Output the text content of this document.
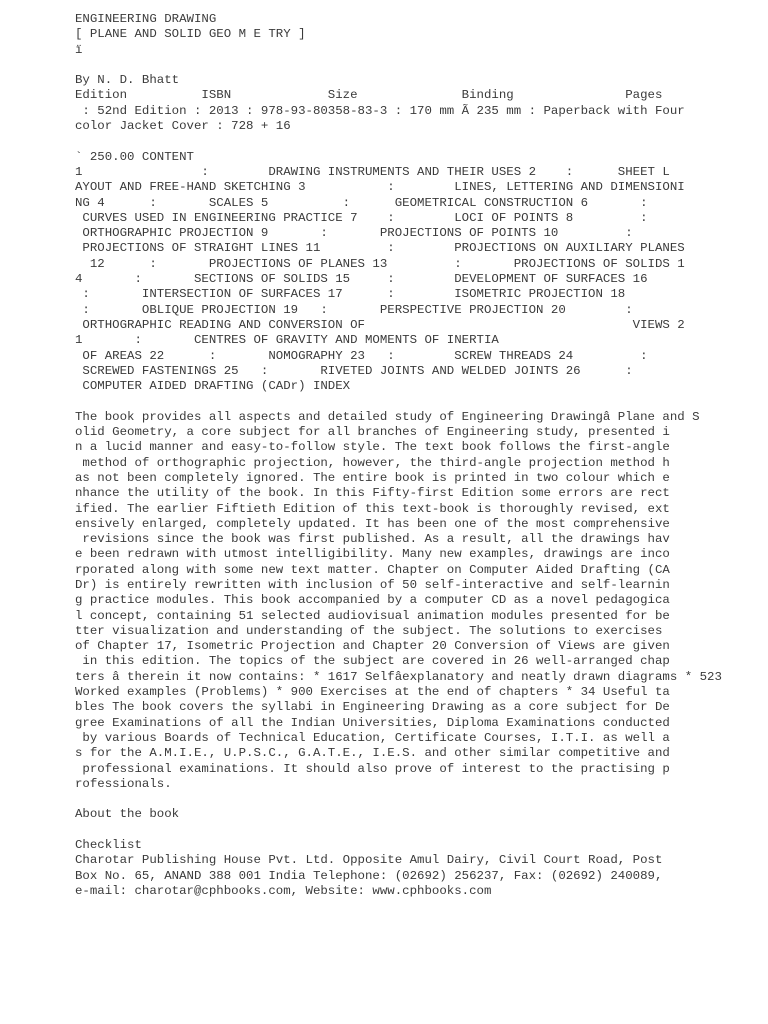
ENGINEERING DRAWING
[ PLANE AND SOLID GEO M E TRY ]
ï
By N. D. Bhatt
Edition          ISBN             Size              Binding               Pages
: 52nd Edition : 2013 : 978-93-80358-83-3 : 170 mm Ã 235 mm : Paperback with Four
color Jacket Cover : 728 + 16
` 250.00 CONTENT
1                :        DRAWING INSTRUMENTS AND THEIR USES 2    :      SHEET L
AYOUT AND FREE-HAND SKETCHING 3           :        LINES, LETTERING AND DIMENSIONI
NG 4      :       SCALES 5          :      GEOMETRICAL CONSTRUCTION 6       :
CURVES USED IN ENGINEERING PRACTICE 7    :        LOCI OF POINTS 8         :
ORTHOGRAPHIC PROJECTION 9       :       PROJECTIONS OF POINTS 10         :
PROJECTIONS OF STRAIGHT LINES 11         :        PROJECTIONS ON AUXILIARY PLANES
12      :       PROJECTIONS OF PLANES 13         :       PROJECTIONS OF SOLIDS 1
4       :       SECTIONS OF SOLIDS 15     :        DEVELOPMENT OF SURFACES 16
:       INTERSECTION OF SURFACES 17      :        ISOMETRIC PROJECTION 18
:       OBLIQUE PROJECTION 19   :       PERSPECTIVE PROJECTION 20        :
ORTHOGRAPHIC READING AND CONVERSION OF                                    VIEWS 2
1       :       CENTRES OF GRAVITY AND MOMENTS OF INERTIA
OF AREAS 22      :       NOMOGRAPHY 23   :        SCREW THREADS 24         :
SCREWED FASTENINGS 25   :       RIVETED JOINTS AND WELDED JOINTS 26      :
COMPUTER AIDED DRAFTING (CADr) INDEX
The book provides all aspects and detailed study of Engineering Drawingâ Plane and S
olid Geometry, a core subject for all branches of Engineering study, presented i
n a lucid manner and easy-to-follow style. The text book follows the first-angle
method of orthographic projection, however, the third-angle projection method h
as not been completely ignored. The entire book is printed in two colour which e
nhance the utility of the book. In this Fifty-first Edition some errors are rect
ified. The earlier Fiftieth Edition of this text-book is thoroughly revised, ext
ensively enlarged, completely updated. It has been one of the most comprehensive
revisions since the book was first published. As a result, all the drawings hav
e been redrawn with utmost intelligibility. Many new examples, drawings are inco
rporated along with some new text matter. Chapter on Computer Aided Drafting (CA
Dr) is entirely rewritten with inclusion of 50 self-interactive and self-learnin
g practice modules. This book accompanied by a computer CD as a novel pedagogica
l concept, containing 51 selected audiovisual animation modules presented for be
tter visualization and understanding of the subject. The solutions to exercises
of Chapter 17, Isometric Projection and Chapter 20 Conversion of Views are given
in this edition. The topics of the subject are covered in 26 well-arranged chap
ters â therein it now contains: * 1617 Selfâexplanatory and neatly drawn diagrams * 523
Worked examples (Problems) * 900 Exercises at the end of chapters * 34 Useful ta
bles The book covers the syllabi in Engineering Drawing as a core subject for De
gree Examinations of all the Indian Universities, Diploma Examinations conducted
by various Boards of Technical Education, Certificate Courses, I.T.I. as well a
s for the A.M.I.E., U.P.S.C., G.A.T.E., I.E.S. and other similar competitive and
professional examinations. It should also prove of interest to the practising p
rofessionals.
About the book
Checklist
Charotar Publishing House Pvt. Ltd. Opposite Amul Dairy, Civil Court Road, Post
Box No. 65, ANAND 388 001 India Telephone: (02692) 256237, Fax: (02692) 240089,
e-mail: charotar@cphbooks.com, Website: www.cphbooks.com
